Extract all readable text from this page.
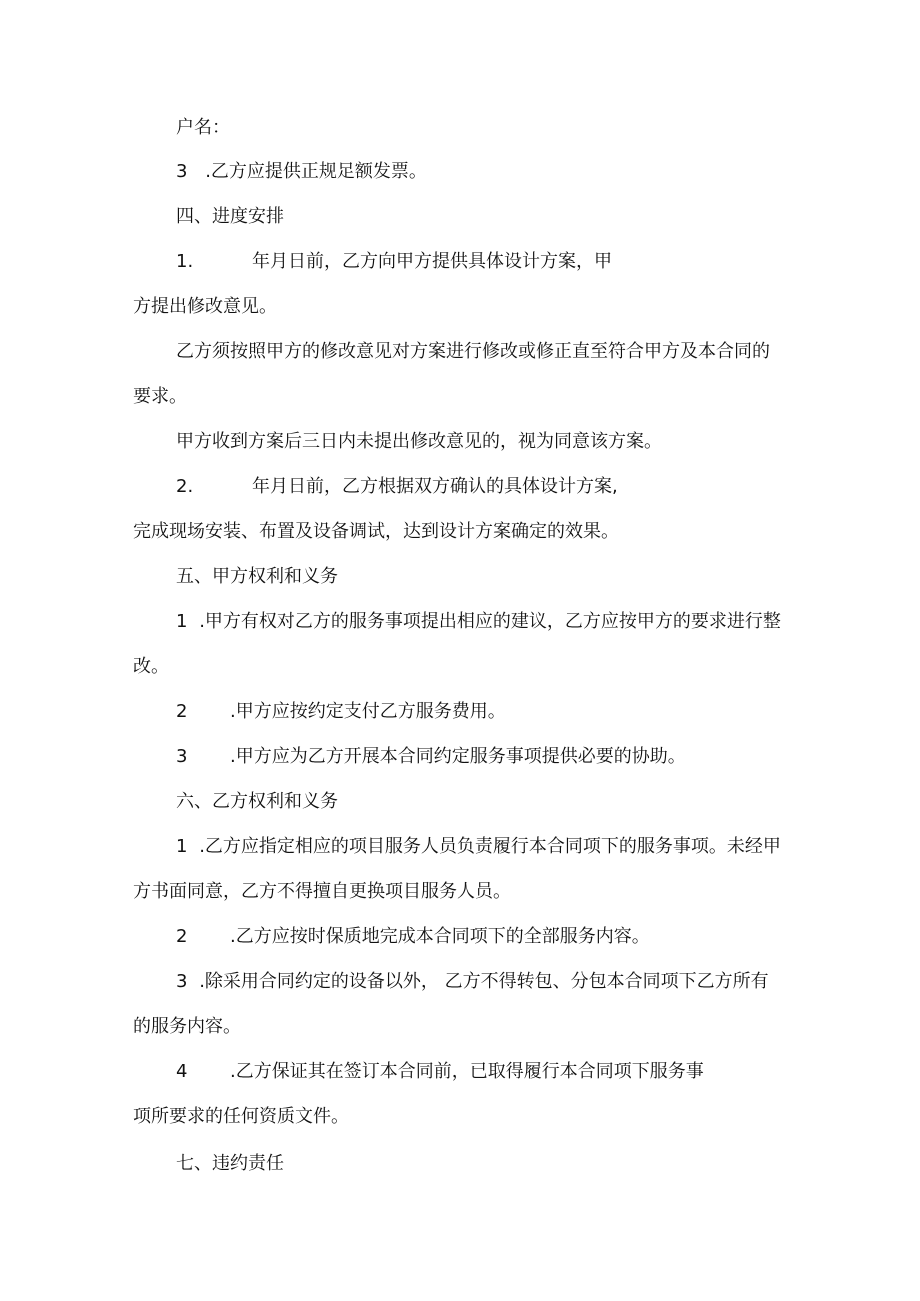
户名：
3 .乙方应提供正规足额发票。
四、进度安排
1.	年月日前，乙方向甲方提供具体设计方案，甲
方提出修改意见。
乙方须按照甲方的修改意见对方案进行修改或修正直至符合甲方及本合同的
要求。
甲方收到方案后三日内未提出修改意见的，视为同意该方案。
2.	年月日前，乙方根据双方确认的具体设计方案,
完成现场安装、布置及设备调试，达到设计方案确定的效果。
五、甲方权利和义务
1 .甲方有权对乙方的服务事项提出相应的建议，乙方应按甲方的要求进行整
改。
2 .甲方应按约定支付乙方服务费用。
3 .甲方应为乙方开展本合同约定服务事项提供必要的协助。
六、乙方权利和义务
1 .乙方应指定相应的项目服务人员负责履行本合同项下的服务事项。未经甲
方书面同意，乙方不得擅自更换项目服务人员。
2 .乙方应按时保质地完成本合同项下的全部服务内容。
3 .除采用合同约定的设备以外， 乙方不得转包、分包本合同项下乙方所有
的服务内容。
4 .乙方保证其在签订本合同前，已取得履行本合同项下服务事
项所要求的任何资质文件。
七、违约责任
